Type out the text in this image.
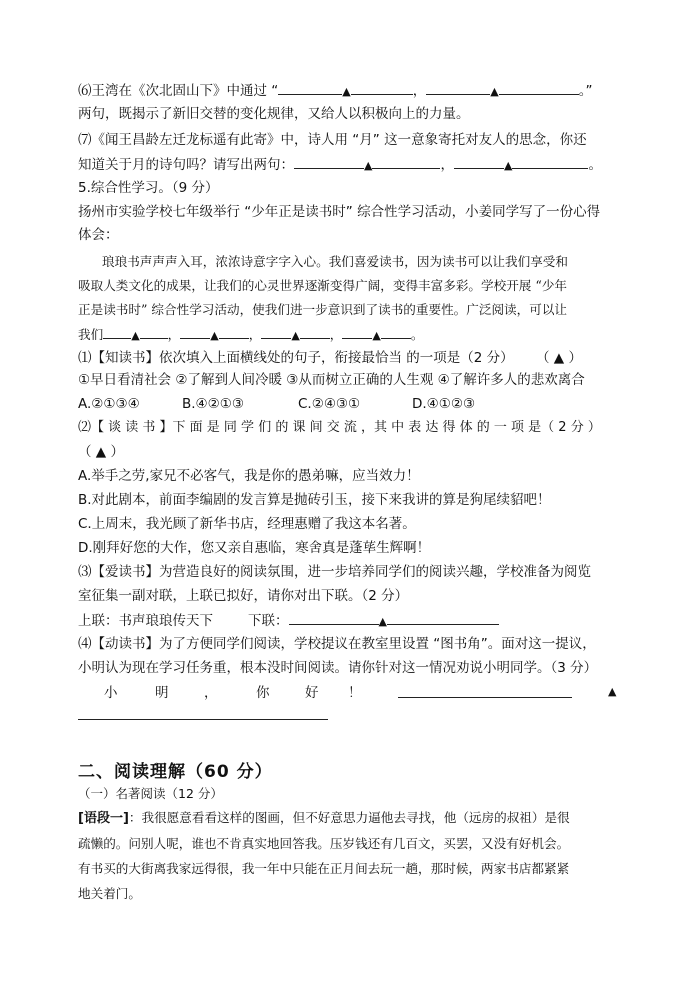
⑹王湾在《次北固山下》中通过 “	▲	，	▲	。”
两句，既揭示了新旧交替的变化规律，又给人以积极向上的力量。
⑺《闻王昌龄左迁龙标遥有此寄》中，诗人用 “月” 这一意象寄托对友人的思念，你还
知道关于月的诗句吗？请写出两句：	▲	，	▲	。
5.综合性学习。（9 分）
扬州市实验学校七年级举行 “少年正是读书时” 综合性学习活动，小姜同学写了一份心得
体会：
琅琅书声声声入耳，浓浓诗意字字入心。我们喜爱读书，因为读书可以让我们享受和
吸取人类文化的成果，让我们的心灵世界逐渐变得广阔，变得丰富多彩。学校开展 “少年
正是读书时” 综合性学习活动，使我们进一步意识到了读书的重要性。广泛阅读，可以让
我们	▲ ，	▲ ，	▲ ，	▲ 。
⑴【知读书】依次填入上面横线处的句子，衔接最恰当 的一项是（2 分） （ ▲ ）
①早日看清社会 ②了解到人间冷暖 ③从而树立正确的人生观 ④了解许多人的悲欢离合
A.②①③④	B.④②①③	C.②④③①	D.④①②③
⑵【 谈 读 书 】下 面 是 同 学 们 的 课 间 交 流 ，其 中 表 达 得 体 的 一 项 是（ 2 分 ）
（ ▲ ）
A.举手之劳,家兄不必客气，我是你的愚弟嘛，应当效力！
B.对此剧本，前面李编剧的发言算是抛砖引玉，接下来我讲的算是狗尾续貂吧！
C.上周末，我光顾了新华书店，经理惠赠了我这本名著。
D.刚拜好您的大作，您又亲自惠临，寒舍真是蓬荜生辉啊！
⑶【爱读书】为营造良好的阅读氛围，进一步培养同学们的阅读兴趣，学校准备为阅览
室征集一副对联，上联已拟好，请你对出下联。（2 分）
上联：书声琅琅传天下	下联：	▲
⑷【动读书】为了方便同学们阅读，学校提议在教室里设置 “图书角”。面对这一提议，
小明认为现在学习任务重，根本没时间阅读。请你针对这一情况劝说小明同学。（3 分）
小	明	，	你	好 ！	▲
二、阅读理解（60 分）
（一）名著阅读（12 分）
[语段一]：我很愿意看看这样的图画，但不好意思力逼他去寻找，他（远房的叔祖）是很
疏懒的。问别人呢，谁也不肯真实地回答我。压岁钱还有几百文，买罢，又没有好机会。
有书买的大街离我家远得很，我一年中只能在正月间去玩一趟，那时候，两家书店都紧紧
地关着门。
